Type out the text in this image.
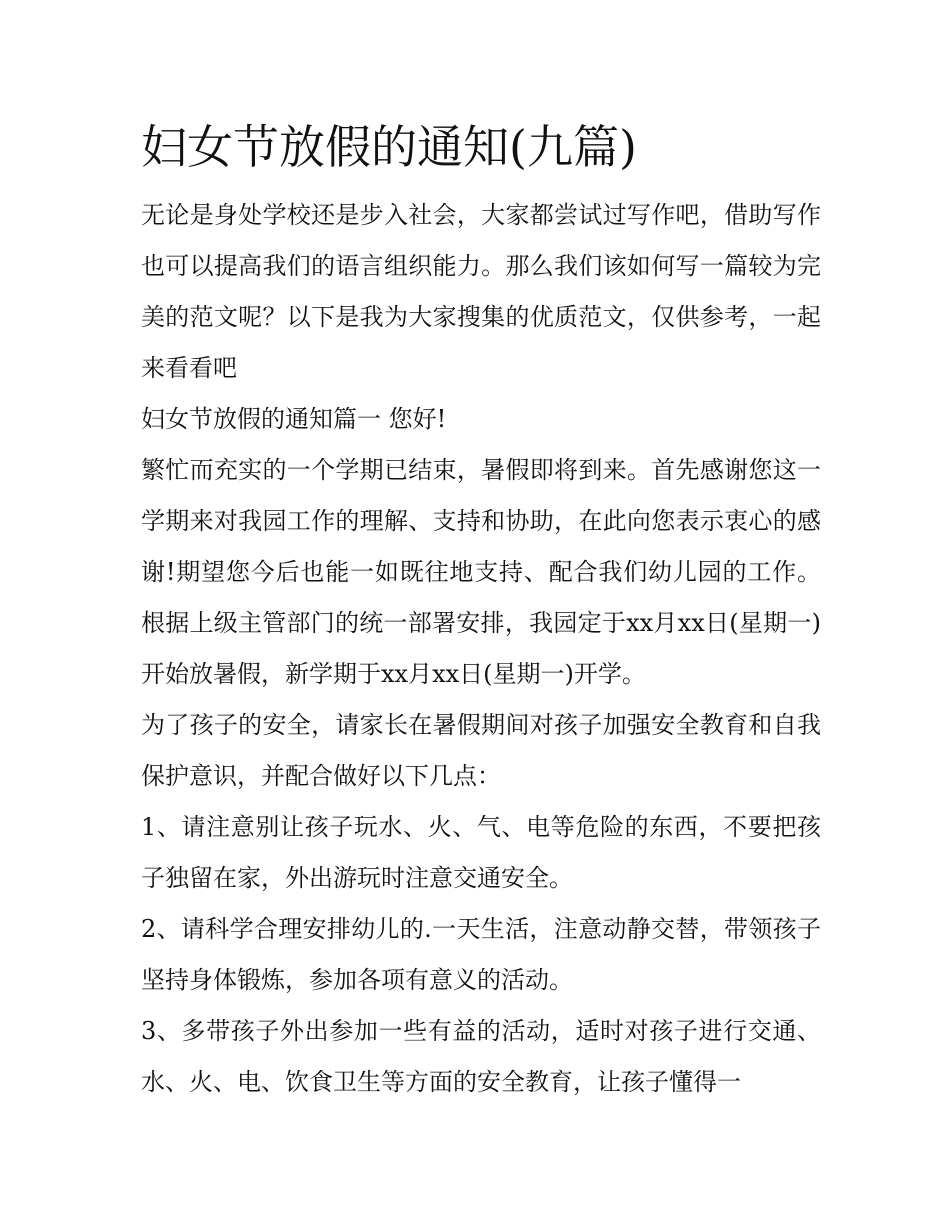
妇女节放假的通知(九篇)

无论是身处学校还是步入社会，大家都尝试过写作吧，借助写作也可以提高我们的语言组织能力。那么我们该如何写一篇较为完美的范文呢？以下是我为大家搜集的优质范文，仅供参考，一起来看看吧

妇女节放假的通知篇一 您好!

繁忙而充实的一个学期已结束，暑假即将到来。首先感谢您这一学期来对我园工作的理解、支持和协助，在此向您表示衷心的感谢!期望您今后也能一如既往地支持、配合我们幼儿园的工作。根据上级主管部门的统一部署安排，我园定于xx月xx日(星期一)开始放暑假，新学期于xx月xx日(星期一)开学。

为了孩子的安全，请家长在暑假期间对孩子加强安全教育和自我保护意识，并配合做好以下几点：

1、请注意别让孩子玩水、火、气、电等危险的东西，不要把孩子独留在家，外出游玩时注意交通安全。

2、请科学合理安排幼儿的.一天生活，注意动静交替，带领孩子坚持身体锻炼，参加各项有意义的活动。

3、多带孩子外出参加一些有益的活动，适时对孩子进行交通、水、火、电、饮食卫生等方面的安全教育，让孩子懂得一
